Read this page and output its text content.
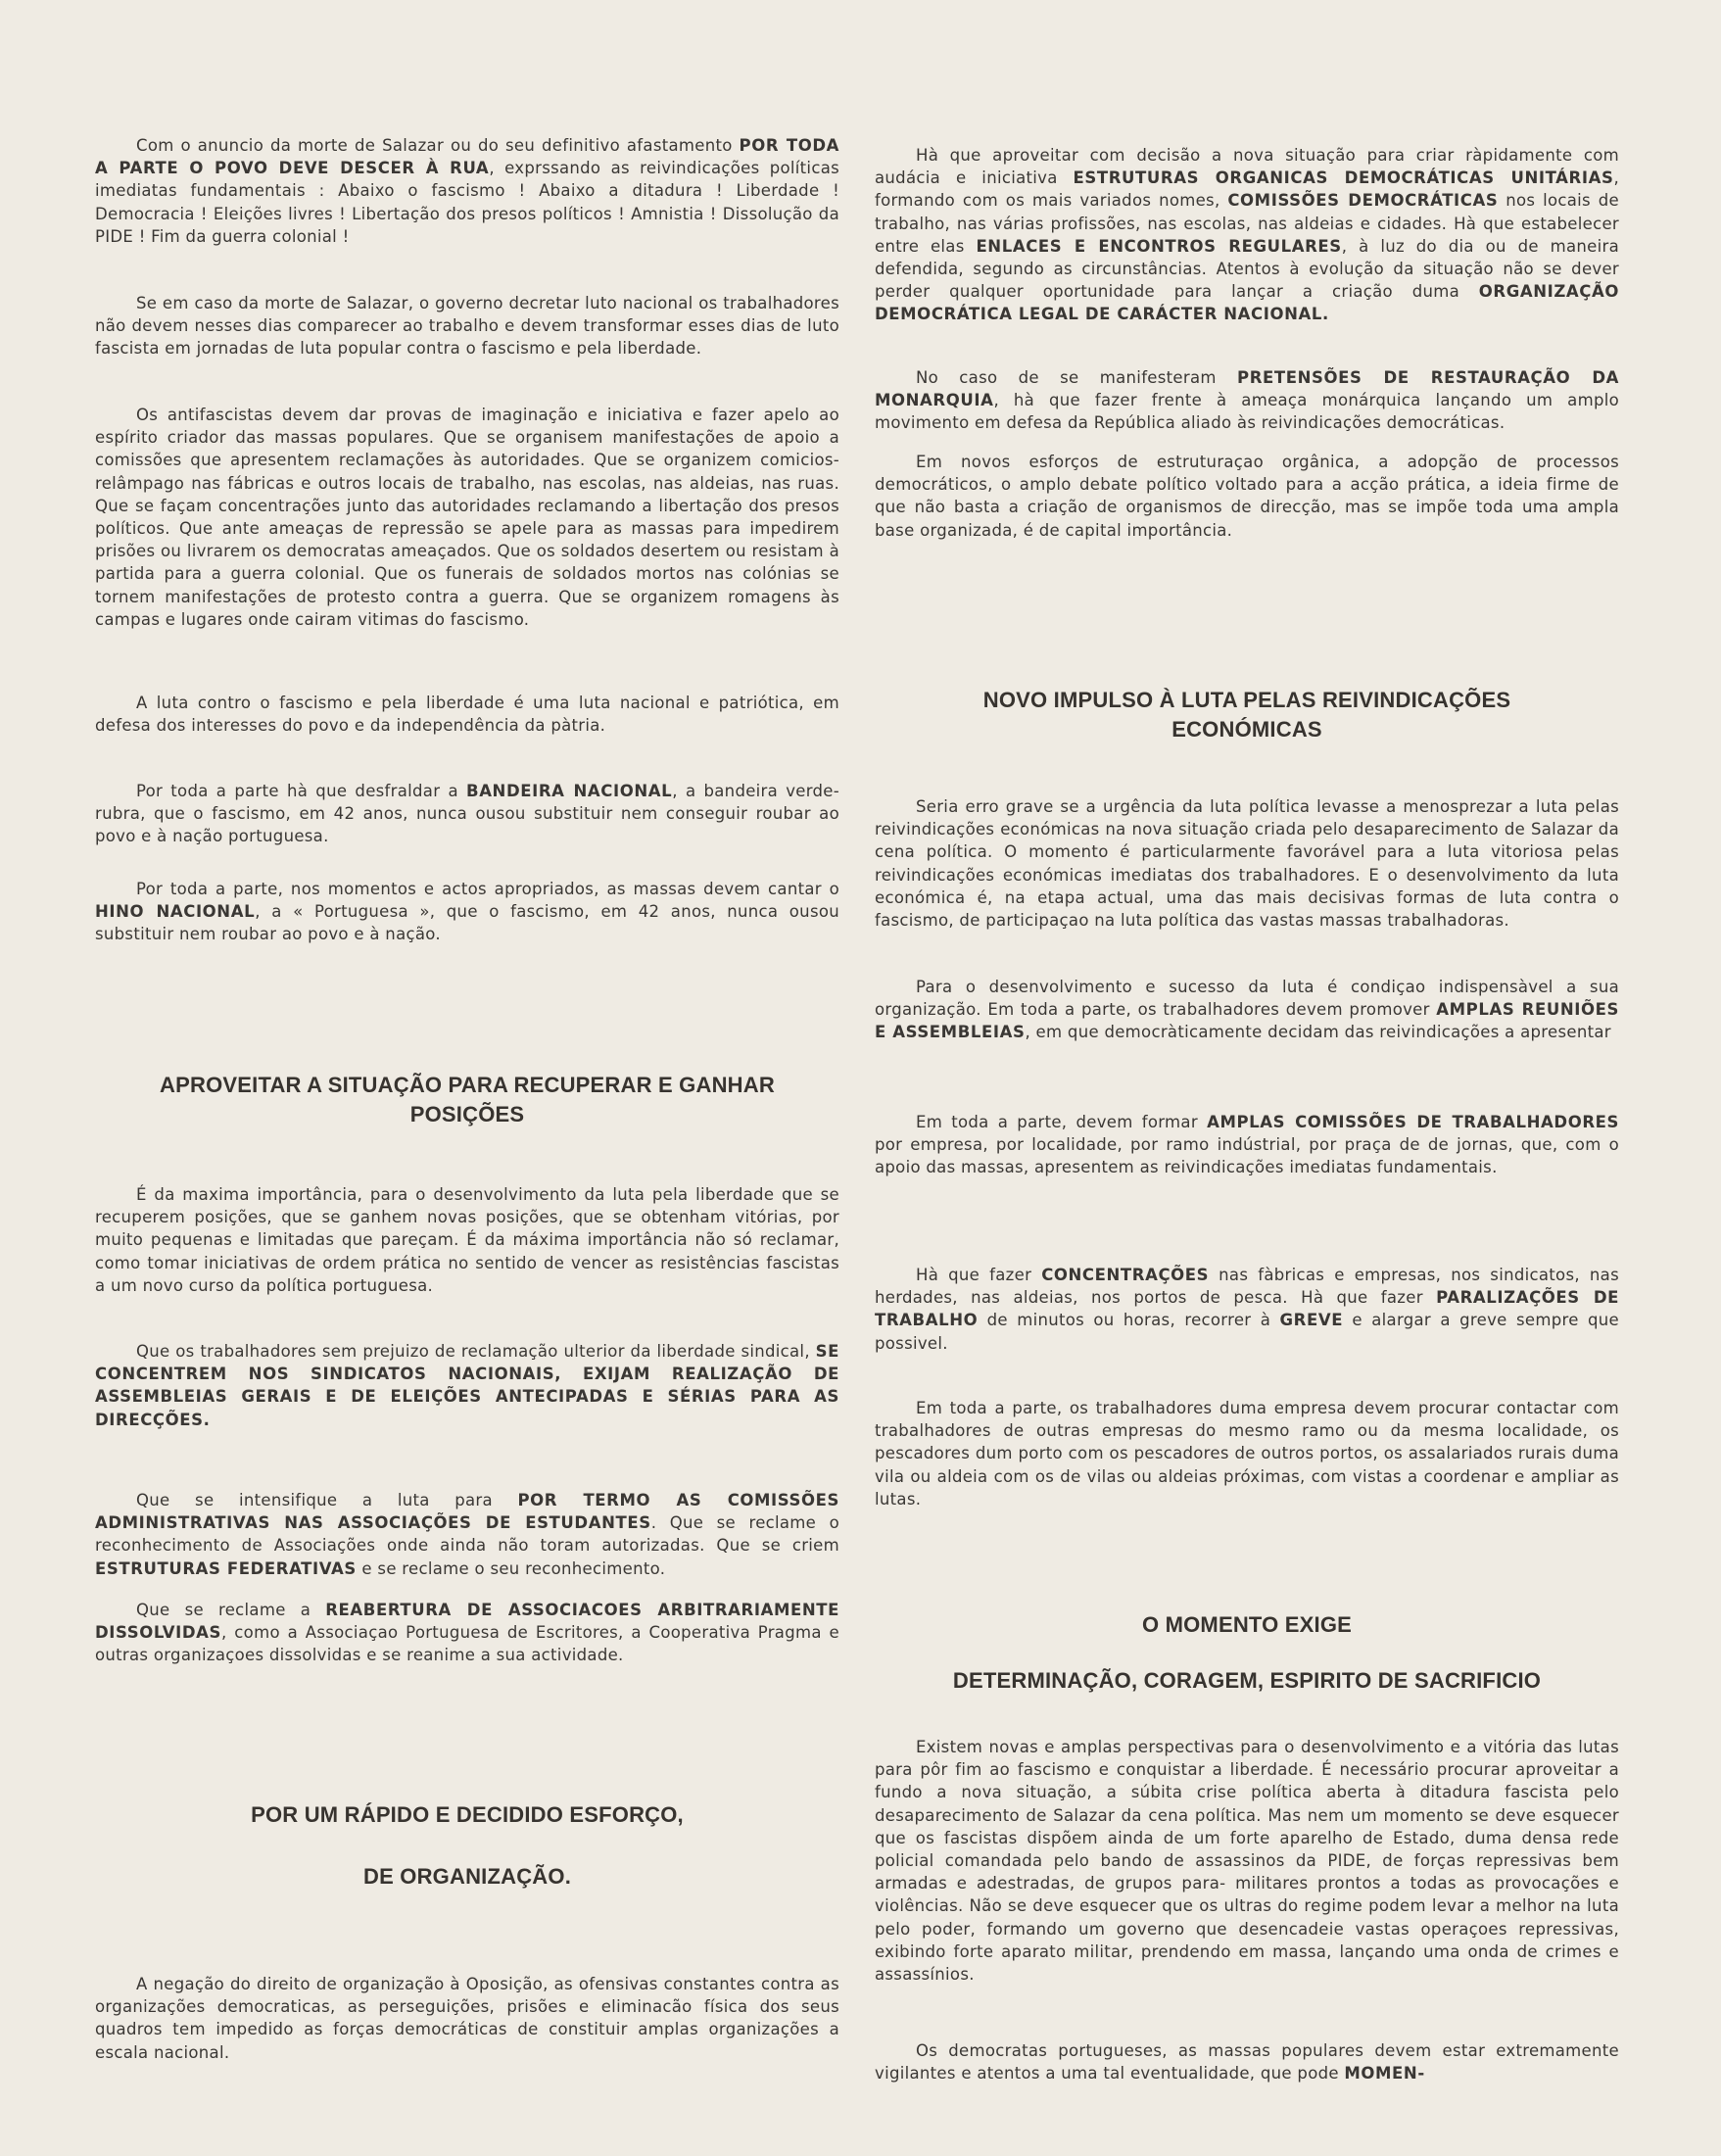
Com o anuncio da morte de Salazar ou do seu definitivo afastamento POR TODA A PARTE O POVO DEVE DESCER À RUA, exprssando as reivindicações políticas imediatas fundamentais : Abaixo o fascismo ! Abaixo a ditadura ! Liberdade ! Democracia ! Eleições livres ! Libertação dos presos políticos ! Amnistia ! Dissolução da PIDE ! Fim da guerra colonial !

Se em caso da morte de Salazar, o governo decretar luto nacional os trabalhadores não devem nesses dias comparecer ao trabalho e devem transformar esses dias de luto fascista em jornadas de luta popular contra o fascismo e pela liberdade.

Os antifascistas devem dar provas de imaginação e iniciativa e fazer apelo ao espírito criador das massas populares. Que se organisem manifestações de apoio a comissões que apresentem reclamações às autoridades. Que se organizem comicios-relâmpago nas fábricas e outros locais de trabalho, nas escolas, nas aldeias, nas ruas. Que se façam concentrações junto das autoridades reclamando a libertação dos presos políticos. Que ante ameaças de repressão se apele para as massas para impedirem prisões ou livrarem os democratas ameaçados. Que os soldados desertem ou resistam à partida para a guerra colonial. Que os funerais de soldados mortos nas colónias se tornem manifestações de protesto contra a guerra. Que se organizem romagens às campas e lugares onde cairam vitimas do fascismo.

A luta contro o fascismo e pela liberdade é uma luta nacional e patriótica, em defesa dos interesses do povo e da independência da pàtria.

Por toda a parte hà que desfraldar a BANDEIRA NACIONAL, a bandeira verde-rubra, que o fascismo, em 42 anos, nunca ousou substituir nem conseguir roubar ao povo e à nação portuguesa.

Por toda a parte, nos momentos e actos apropriados, as massas devem cantar o HINO NACIONAL, a « Portuguesa », que o fascismo, em 42 anos, nunca ousou substituir nem roubar ao povo e à nação.

APROVEITAR A SITUAÇÃO PARA RECUPERAR E GANHAR POSIÇÕES

É da maxima importância, para o desenvolvimento da luta pela liberdade que se recuperem posições, que se ganhem novas posições, que se obtenham vitórias, por muito pequenas e limitadas que pareçam. É da máxima importância não só reclamar, como tomar iniciativas de ordem prática no sentido de vencer as resistências fascistas a um novo curso da política portuguesa.

Que os trabalhadores sem prejuizo de reclamação ulterior da liberdade sindical, SE CONCENTREM NOS SINDICATOS NACIONAIS, EXIJAM REALIZAÇÃO DE ASSEMBLEIAS GERAIS E DE ELEIÇÕES ANTECIPADAS E SÉRIAS PARA AS DIRECÇÕES.

Que se intensifique a luta para POR TERMO AS COMISSÕES ADMINISTRATIVAS NAS ASSOCIAÇÕES DE ESTUDANTES. Que se reclame o reconhecimento de Associações onde ainda não toram autorizadas. Que se criem ESTRUTURAS FEDERATIVAS e se reclame o seu reconhecimento.

Que se reclame a REABERTURA DE ASSOCIACOES ARBITRARIAMENTE DISSOLVIDAS, como a Associaçao Portuguesa de Escritores, a Cooperativa Pragma e outras organizaçoes dissolvidas e se reanime a sua actividade.

POR UM RÁPIDO E DECIDIDO ESFORÇO,
DE ORGANIZAÇÃO.

A negação do direito de organização à Oposição, as ofensivas constantes contra as organizações democraticas, as perseguições, prisões e eliminacão física dos seus quadros tem impedido as forças democráticas de constituir amplas organizações a escala nacional.

Hà que aproveitar com decisão a nova situação para criar ràpidamente com audácia e iniciativa ESTRUTURAS ORGANICAS DEMOCRÁTICAS UNITÁRIAS, formando com os mais variados nomes, COMISSÕES DEMOCRÁTICAS nos locais de trabalho, nas várias profissões, nas escolas, nas aldeias e cidades. Hà que estabelecer entre elas ENLACES E ENCONTROS REGULARES, à luz do dia ou de maneira defendida, segundo as circunstâncias. Atentos à evolução da situação não se dever perder qualquer oportunidade para lançar a criação duma ORGANIZAÇÃO DEMOCRÁTICA LEGAL DE CARÁCTER NACIONAL.

No caso de se manifesteram PRETENSÕES DE RESTAURAÇÃO DA MONARQUIA, hà que fazer frente à ameaça monárquica lançando um amplo movimento em defesa da República aliado às reivindicações democráticas.

Em novos esforços de estruturaçao orgânica, a adopção de processos democráticos, o amplo debate político voltado para a acção prática, a ideia firme de que não basta a criação de organismos de direcção, mas se impõe toda uma ampla base organizada, é de capital importância.

NOVO IMPULSO À LUTA PELAS REIVINDICAÇÕES ECONÓMICAS

Seria erro grave se a urgência da luta política levasse a menosprezar a luta pelas reivindicações económicas na nova situação criada pelo desaparecimento de Salazar da cena política. O momento é particularmente favorável para a luta vitoriosa pelas reivindicações económicas imediatas dos trabalhadores. E o desenvolvimento da luta económica é, na etapa actual, uma das mais decisivas formas de luta contra o fascismo, de participaçao na luta política das vastas massas trabalhadoras.

Para o desenvolvimento e sucesso da luta é condiçao indispensàvel a sua organização. Em toda a parte, os trabalhadores devem promover AMPLAS REUNIÕES E ASSEMBLEIAS, em que democràticamente decidam das reivindicações a apresentar

Em toda a parte, devem formar AMPLAS COMISSÕES DE TRABALHADORES por empresa, por localidade, por ramo indústrial, por praça de de jornas, que, com o apoio das massas, apresentem as reivindicações imediatas fundamentais.

Hà que fazer CONCENTRAÇÕES nas fàbricas e empresas, nos sindicatos, nas herdades, nas aldeias, nos portos de pesca. Hà que fazer PARALIZAÇÕES DE TRABALHO de minutos ou horas, recorrer à GREVE e alargar a greve sempre que possivel.

Em toda a parte, os trabalhadores duma empresa devem procurar contactar com trabalhadores de outras empresas do mesmo ramo ou da mesma localidade, os pescadores dum porto com os pescadores de outros portos, os assalariados rurais duma vila ou aldeia com os de vilas ou aldeias próximas, com vistas a coordenar e ampliar as lutas.

O MOMENTO EXIGE
DETERMINAÇÃO, CORAGEM, ESPIRITO DE SACRIFICIO

Existem novas e amplas perspectivas para o desenvolvimento e a vitória das lutas para pôr fim ao fascismo e conquistar a liberdade. É necessário procurar aproveitar a fundo a nova situação, a súbita crise política aberta à ditadura fascista pelo desaparecimento de Salazar da cena política. Mas nem um momento se deve esquecer que os fascistas dispõem ainda de um forte aparelho de Estado, duma densa rede policial comandada pelo bando de assassinos da PIDE, de forças repressivas bem armadas e adestradas, de grupos para- militares prontos a todas as provocações e violências. Não se deve esquecer que os ultras do regime podem levar a melhor na luta pelo poder, formando um governo que desencadeie vastas operaçoes repressivas, exibindo forte aparato militar, prendendo em massa, lançando uma onda de crimes e assassínios.

Os democratas portugueses, as massas populares devem estar extremamente vigilantes e atentos a uma tal eventualidade, que pode MOMEN-
